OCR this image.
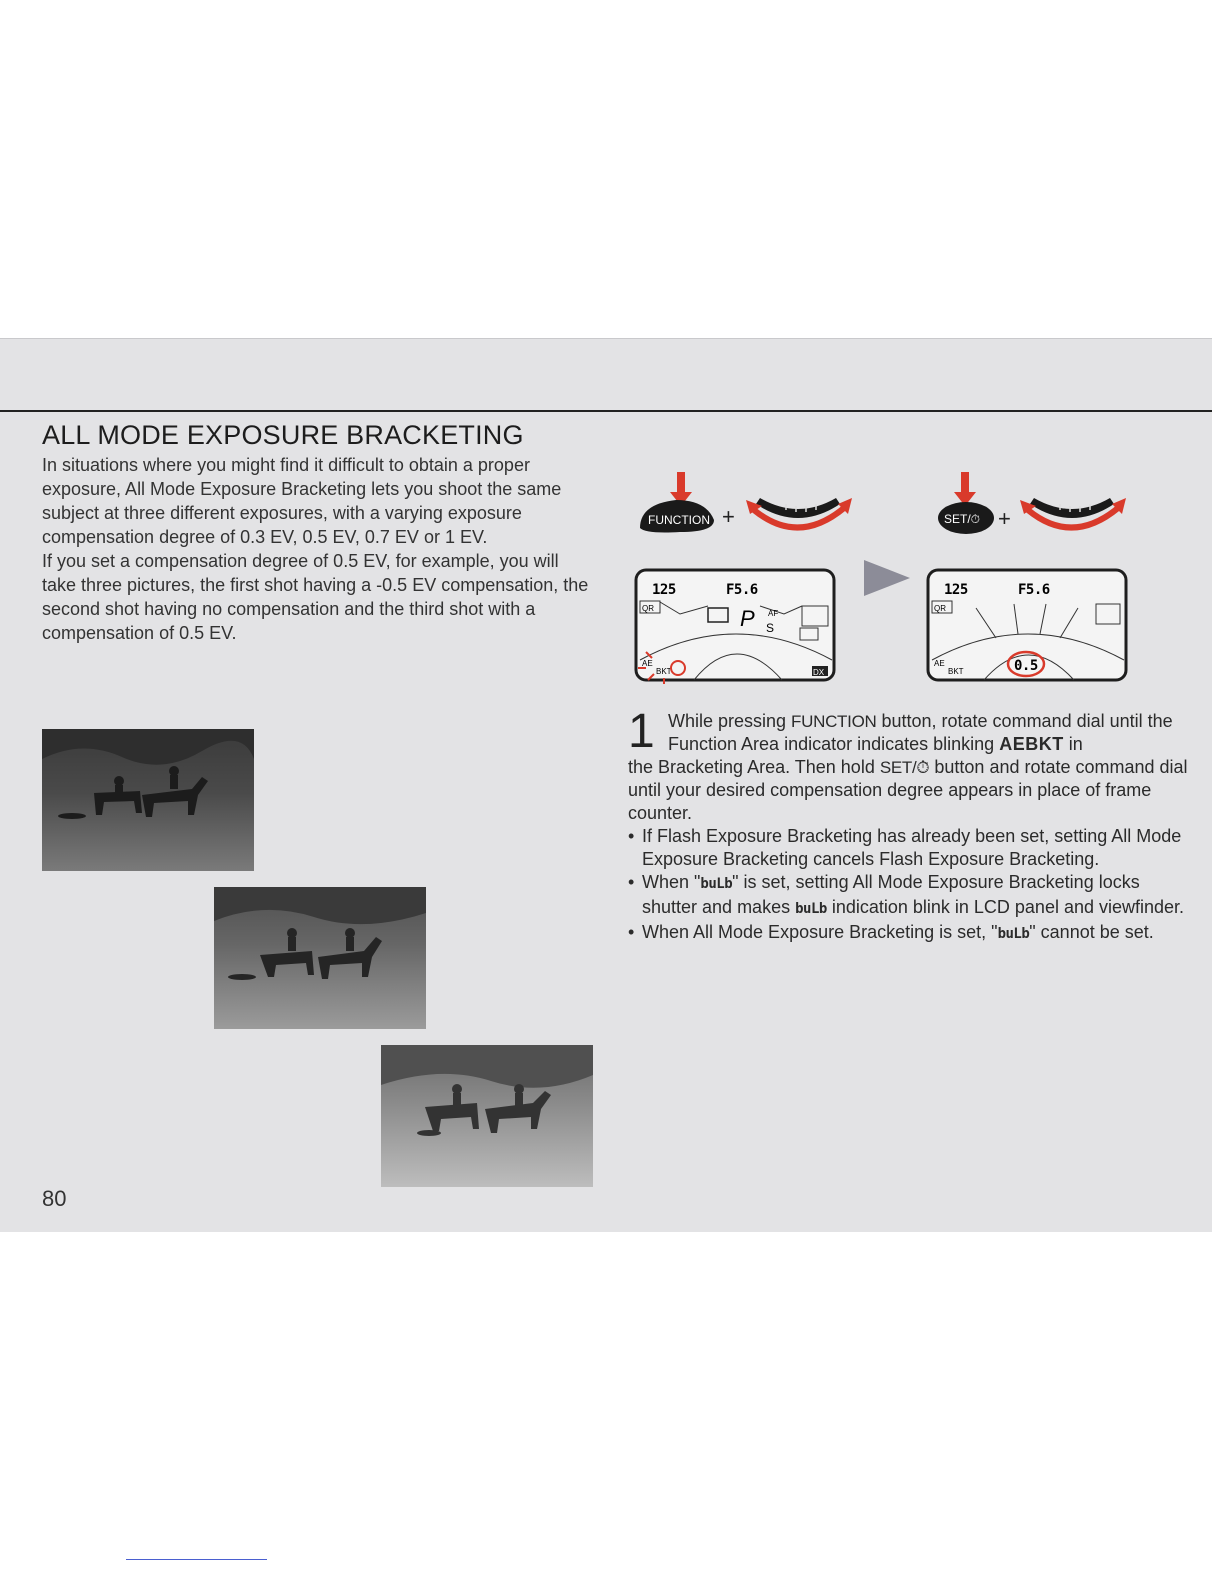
ALL MODE EXPOSURE BRACKETING

In situations where you might find it difficult to obtain a proper exposure, All Mode Exposure Bracketing lets you shoot the same subject at three different exposures, with a varying exposure compensation degree of 0.3 EV, 0.5 EV, 0.7 EV or 1 EV.

If you set a compensation degree of 0.5 EV, for example, you will take three pictures, the first shot having a -0.5 EV compensation, the second shot having no compensation and the third shot with a compensation of 0.5 EV.

80
FUNCTION +	SET/⏱ +
125	F5.6
QR	P AF
S
AE
BKT	DX
125	F5.6
QR
AE
BKT	0.5
1 While pressing FUNCTION button, rotate command dial until the Function Area indicator indicates blinking AEBKT in

the Bracketing Area. Then hold SET/⏱ button and rotate command dial until your desired compensation degree appears in place of frame counter.

• If Flash Exposure Bracketing has already been set, setting All Mode Exposure Bracketing cancels Flash Exposure Bracketing.
• When "buLb" is set, setting All Mode Exposure Bracketing locks shutter and makes buLb indication blink in LCD panel and viewfinder.
• When All Mode Exposure Bracketing is set, "buLb" cannot be set.
